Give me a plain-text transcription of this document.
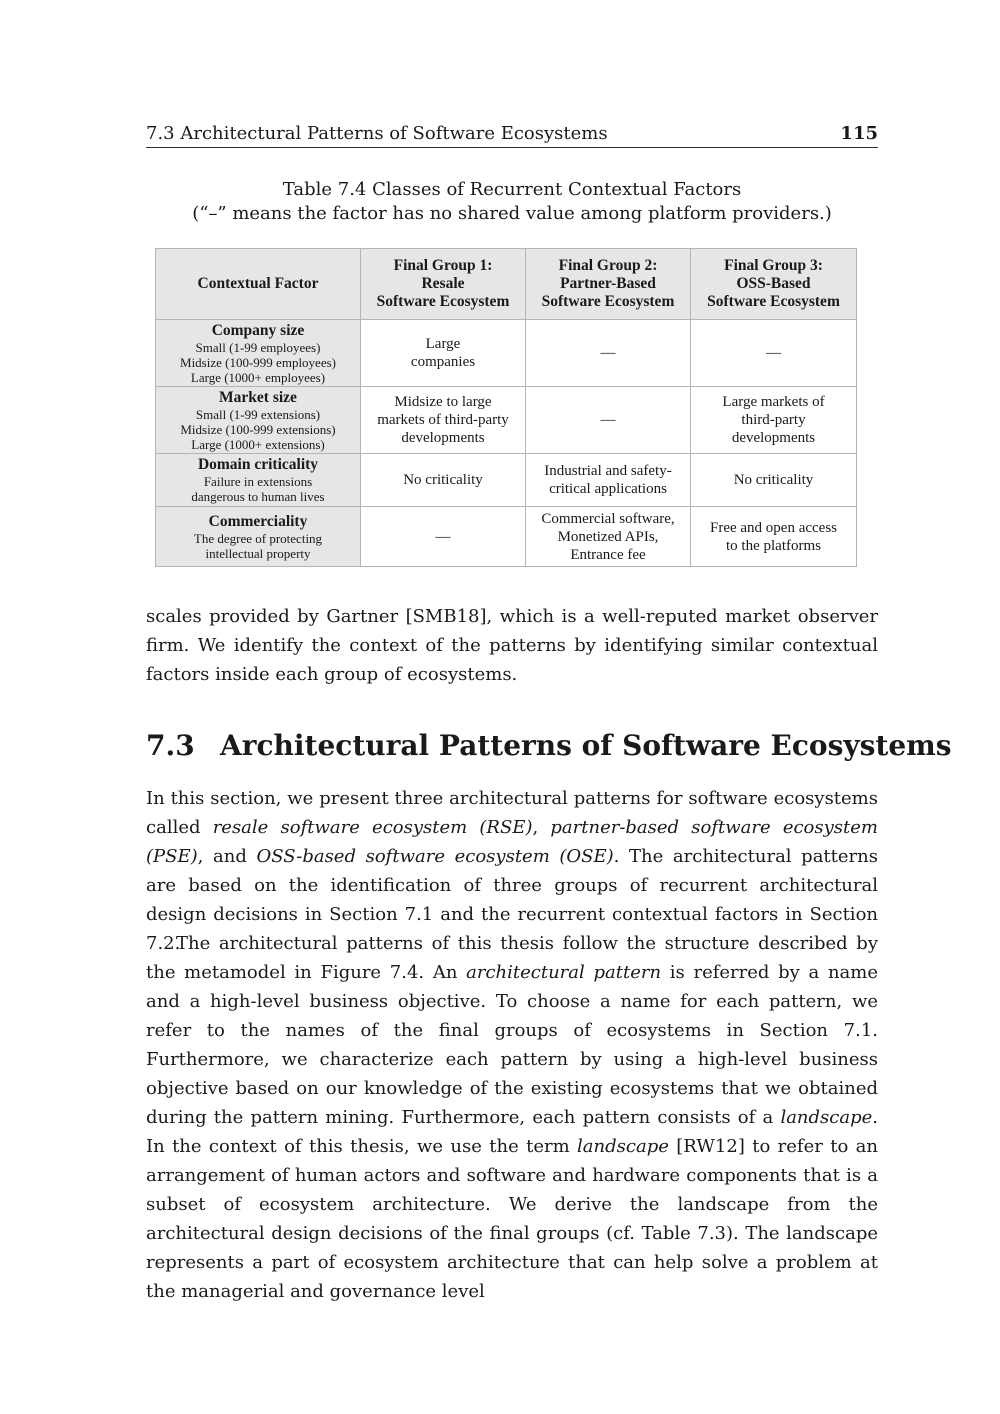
7.3 Architectural Patterns of Software Ecosystems	115
Table 7.4 Classes of Recurrent Contextual Factors
(“–” means the factor has no shared value among platform providers.)
Contextual Factor	Final Group 1:
Resale
Software Ecosystem	Final Group 2:
Partner-Based
Software Ecosystem	Final Group 3:
OSS-Based
Software Ecosystem

Company size
Small (1-99 employees)
Midsize (100-999 employees)
Large (1000+ employees)	Large
companies	—	—

Market size
Small (1-99 extensions)
Midsize (100-999 extensions)
Large (1000+ extensions)	Midsize to large
markets of third-party
developments	—	Large markets of
third-party
developments

Domain criticality
Failure in extensions
dangerous to human lives	No criticality	Industrial and safety-
critical applications	No criticality

Commerciality
The degree of protecting
intellectual property	—	Commercial software,
Monetized APIs,
Entrance fee	Free and open access
to the platforms

scales provided by Gartner [SMB18], which is a well-reputed market observer firm. We identify the context of the patterns by identifying similar contextual factors inside each group of ecosystems.

7.3 Architectural Patterns of Software Ecosystems

In this section, we present three architectural patterns for software ecosystems called resale software ecosystem (RSE), partner-based software ecosystem (PSE), and OSS-based software ecosystem (OSE). The architectural patterns are based on the identification of three groups of recurrent architectural design decisions in Section 7.1 and the recurrent contextual factors in Section 7.2.

The architectural patterns of this thesis follow the structure described by the metamodel in Figure 7.4. An architectural pattern is referred by a name and a high-level business objective. To choose a name for each pattern, we refer to the names of the final groups of ecosystems in Section 7.1. Furthermore, we characterize each pattern by using a high-level business objective based on our knowledge of the existing ecosystems that we obtained during the pattern mining. Furthermore, each pattern consists of a landscape. In the context of this thesis, we use the term landscape [RW12] to refer to an arrangement of human actors and software and hardware components that is a subset of ecosystem architecture. We derive the landscape from the architectural design decisions of the final groups (cf. Table 7.3). The landscape represents a part of ecosystem architecture that can help solve a problem at the managerial and governance level
